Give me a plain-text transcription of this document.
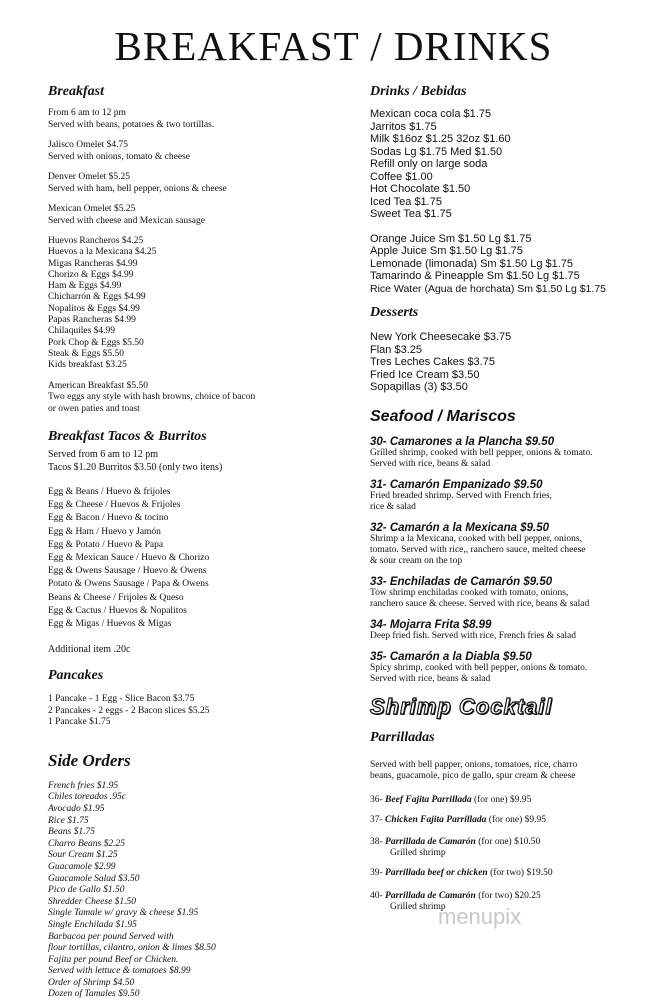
BREAKFAST / DRINKS
Breakfast
From 6 am to 12 pm
Served with beans, potatoes & two tortillas.
Jalisco Omelet $4.75
Served with onions, tomato & cheese
Denver Omelet $5.25
Served with ham, bell pepper, onions & cheese
Mexican Omelet $5.25
Served with cheese and Mexican sausage
Huevos Rancheros $4.25
Huevos a la Mexicana $4.25
Migas Rancheras $4.99
Chorizo & Eggs $4.99
Ham & Eggs $4.99
Chicharrón & Eggs $4.99
Nopalitos & Eggs $4.99
Papas Rancheras $4.99
Chilaquiles $4.99
Pork Chop & Eggs $5.50
Steak & Eggs $5.50
Kids breakfast $3.25
American Breakfast $5.50
Two eggs any style with hash browns, choice of bacon
or owen paties and toast
Breakfast Tacos & Burritos
Served from 6 am to 12 pm
Tacos $1.20 Burritos $3.50 (only two itens)
Egg & Beans / Huevo & frijoles
Egg & Cheese / Huevos & Frijoles
Egg & Bacon / Huevo & tocino
Egg & Ham / Huevo y Jamón
Egg & Potato / Huevo & Papa
Egg & Mexican Sauce / Huevo & Chorizo
Egg & Owens Sausage / Huevo & Owens
Potato & Owens Sausage / Papa & Owens
Beans & Cheese / Frijoles & Queso
Egg & Cactus / Huevos & Nopalitos
Egg & Migas / Huevos & Migas
Additional item .20c
Pancakes
1 Pancake - 1 Egg - Slice Bacon $3.75
2 Pancakes - 2 eggs - 2 Bacon slices $5.25
1 Pancake $1.75
Side Orders
French fries $1.95
Chiles toreados .95c
Avocado $1.95
Rice $1.75
Beans $1.75
Charro Beans $2.25
Sour Cream $1.25
Guacamole $2.99
Guacamole Salad $3.50
Pico de Gallo $1.50
Shredder Cheese $1.50
Single Tamale w/ gravy & cheese $1.95
Single Enchilada $1.95
Barbacoa per pound Served with
flour tortillas, cilantro, onion & limes $8.50
Fajita per pound Beef or Chicken.
Served with lettuce & tomatoes $8.99
Order of Shrimp $4.50
Dozen of Tamales $9.50
Drinks / Bebidas
Mexican coca cola $1.75
Jarritos $1.75
Milk $16oz $1.25 32oz $1.60
Sodas Lg $1.75 Med $1.50
Refill only on large soda
Coffee $1.00
Hot Chocolate $1.50
Iced Tea $1.75
Sweet Tea $1.75
Orange Juice Sm $1.50 Lg $1.75
Apple Juice Sm $1.50 Lg $1.75
Lemonade (limonada) Sm $1.50 Lg $1.75
Tamarindo & Pineapple Sm $1.50 Lg $1.75
Rice Water (Agua de horchata) Sm $1.50 Lg $1.75
Desserts
New York Cheesecake $3.75
Flan $3.25
Tres Leches Cakes $3.75
Fried Ice Cream $3.50
Sopapillas (3) $3.50
Seafood / Mariscos
30- Camarones a la Plancha $9.50
Grilled shrimp, cooked with bell pepper, onions & tomato.
Served with rice, beans & salad
31- Camarón Empanizado $9.50
Fried breaded shrimp. Served with French fries,
rice & salad
32- Camarón a la Mexicana $9.50
Shrimp a la Mexicana, cooked with bell pepper, onions,
tomato. Served with rice,, ranchero sauce, melted cheese
& sour cream on the top
33- Enchiladas de Camarón $9.50
Tow shrimp enchiladas cooked with tomato, onions,
ranchero sauce & cheese. Served with rice, beans & salad
34- Mojarra Frita $8.99
Deep fried fish. Served with rice, French fries & salad
35- Camarón a la Diabla $9.50
Spicy shrimp, cooked with bell pepper, onions & tomato.
Served with rice, beans & salad
Shrimp Cocktail
Parrilladas
Served with bell papper, onions, tomatoes, rice, charro
beans, guacamole, pico de gallo, spur cream & cheese
36- Beef Fajita Parrillada (for one) $9.95
37- Chicken Fajita Parrillada (for one) $9.95
38- Parrillada de Camarón (for one) $10.50
Grilled shrimp
39- Parrillada beef or chicken (for two) $19.50
40- Parrillada de Camarón (for two) $20.25
Grilled shrimp
menupix
